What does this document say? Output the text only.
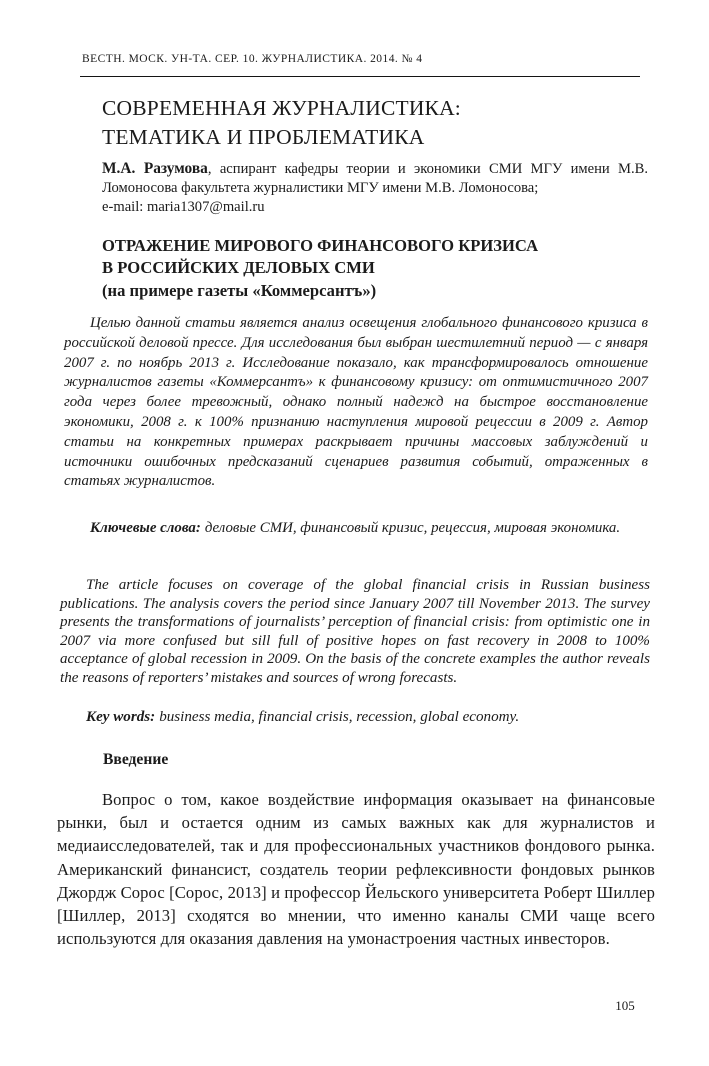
ВЕСТН. МОСК. УН-ТА. СЕР. 10. ЖУРНАЛИСТИКА. 2014. № 4
СОВРЕМЕННАЯ ЖУРНАЛИСТИКА:
ТЕМАТИКА И ПРОБЛЕМАТИКА
М.А. Разумова, аспирант кафедры теории и экономики СМИ МГУ имени М.В. Ломоносова факультета журналистики МГУ имени М.В. Ломоносова;
e-mail: maria1307@mail.ru
ОТРАЖЕНИЕ МИРОВОГО ФИНАНСОВОГО КРИЗИСА
В РОССИЙСКИХ ДЕЛОВЫХ СМИ
(на примере газеты «Коммерсантъ»)
Целью данной статьи является анализ освещения глобального финансового кризиса в российской деловой прессе. Для исследования был выбран шестилетний период — с января 2007 г. по ноябрь 2013 г. Исследование показало, как трансформировалось отношение журналистов газеты «Коммерсантъ» к финансовому кризису: от оптимистичного 2007 года через более тревожный, однако полный надежд на быстрое восстановление экономики, 2008 г. к 100% признанию наступления мировой рецессии в 2009 г. Автор статьи на конкретных примерах раскрывает причины массовых заблуждений и источники ошибочных предсказаний сценариев развития событий, отраженных в статьях журналистов.
Ключевые слова: деловые СМИ, финансовый кризис, рецессия, мировая экономика.
The article focuses on coverage of the global financial crisis in Russian business publications. The analysis covers the period since January 2007 till November 2013. The survey presents the transformations of journalists’ perception of financial crisis: from optimistic one in 2007 via more confused but sill full of positive hopes on fast recovery in 2008 to 100% acceptance of global recession in 2009. On the basis of the concrete examples the author reveals the reasons of reporters’ mistakes and sources of wrong forecasts.
Key words: business media, financial crisis, recession, global economy.
Введение
Вопрос о том, какое воздействие информация оказывает на финансовые рынки, был и остается одним из самых важных как для журналистов и медиаисследователей, так и для профессиональных участников фондового рынка. Американский финансист, создатель теории рефлексивности фондовых рынков Джордж Сорос [Сорос, 2013] и профессор Йельского университета Роберт Шиллер [Шиллер, 2013] сходятся во мнении, что именно каналы СМИ чаще всего используются для оказания давления на умонастроения частных инвесторов.
105
